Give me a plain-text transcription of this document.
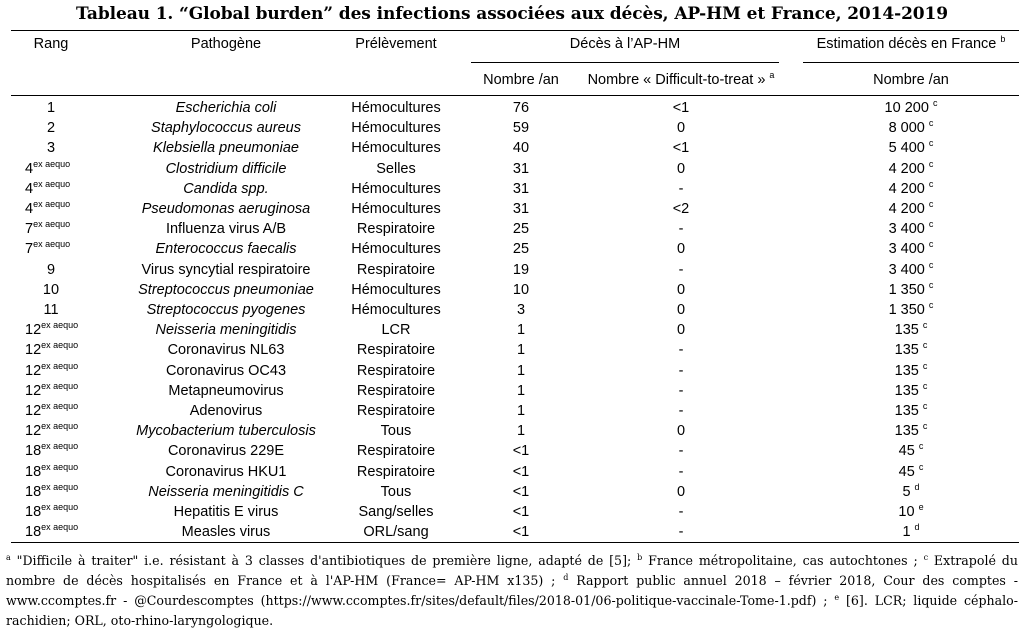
Tableau 1. “Global burden” des infections associées aux décès, AP-HM et France, 2014-2019
Rang	Pathogène	Prélèvement	Décès à l’AP-HM	Estimation décès en France $^b$
Nombre /an	Nombre « Difficult-to-treat » $^a$	Nombre /an
1	Escherichia coli	Hémocultures	76	<1	10 200 $^c$
2	Staphylococcus aureus	Hémocultures	59	0	8 000 $^c$
3	Klebsiella pneumoniae	Hémocultures	40	<1	5 400 $^c$
$4^{ex aequo}$	Clostridium difficile	Selles	31	0	4 200 $^c$
$4^{ex aequo}$	Candida spp.	Hémocultures	31	-	4 200 $^c$
$4^{ex aequo}$	Pseudomonas aeruginosa	Hémocultures	31	<2	4 200 $^c$
$7^{ex aequo}$	Influenza virus A/B	Respiratoire	25	-	3 400 $^c$
$7^{ex aequo}$	Enterococcus faecalis	Hémocultures	25	0	3 400 $^c$
9	Virus syncytial respiratoire	Respiratoire	19	-	3 400 $^c$
10	Streptococcus pneumoniae	Hémocultures	10	0	1 350 $^c$
11	Streptococcus pyogenes	Hémocultures	3	0	1 350 $^c$
$12^{ex aequo}$	Neisseria meningitidis	LCR	1	0	135 $^c$
$12^{ex aequo}$	Coronavirus NL63	Respiratoire	1	-	135 $^c$
$12^{ex aequo}$	Coronavirus OC43	Respiratoire	1	-	135 $^c$
$12^{ex aequo}$	Metapneumovirus	Respiratoire	1	-	135 $^c$
$12^{ex aequo}$	Adenovirus	Respiratoire	1	-	135 $^c$
$12^{ex aequo}$	Mycobacterium tuberculosis	Tous	1	0	135 $^c$
$18^{ex aequo}$	Coronavirus 229E	Respiratoire	<1	-	45 $^c$
$18^{ex aequo}$	Coronavirus HKU1	Respiratoire	<1	-	45 $^c$
$18^{ex aequo}$	Neisseria meningitidis C	Tous	<1	0	5 $^d$
$18^{ex aequo}$	Hepatitis E virus	Sang/selles	<1	-	10 $^e$
$18^{ex aequo}$	Measles virus	ORL/sang	<1	-	1 $^d$
$^a$ "Difficile à traiter" i.e. résistant à 3 classes d'antibiotiques de première ligne, adapté de [5]; $^b$ France métropolitaine, cas autochtones ; $^c$ Extrapolé du nombre de décès hospitalisés en France et à l'AP-HM (France= AP-HM x135) ; $^d$ Rapport public annuel 2018 – février 2018, Cour des comptes - www.ccomptes.fr - @Courdescomptes (https://www.ccomptes.fr/sites/default/files/2018-01/06-politique-vaccinale-Tome-1.pdf) ; $^e$ [6]. LCR; liquide céphalo-rachidien; ORL, oto-rhino-laryngologique.
